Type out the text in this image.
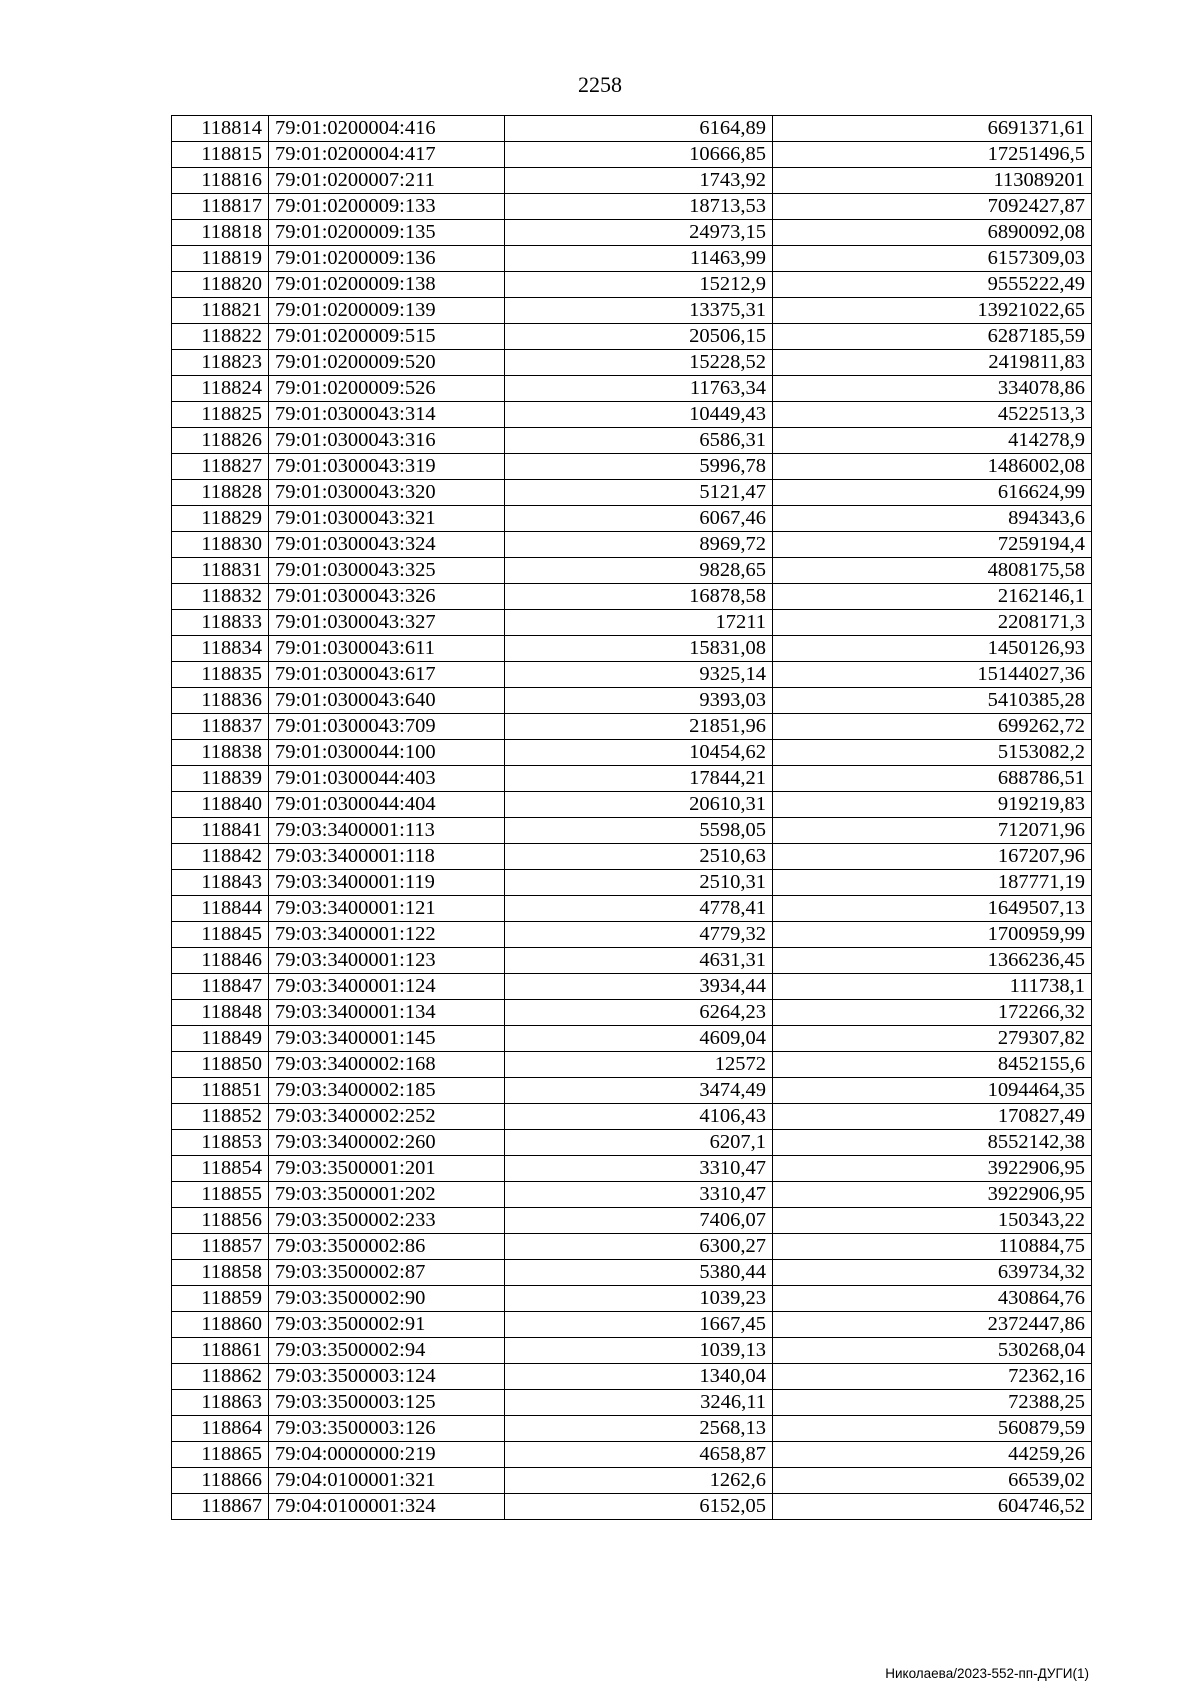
2258
118814	79:01:0200004:416	6164,89	6691371,61
118815	79:01:0200004:417	10666,85	17251496,5
118816	79:01:0200007:211	1743,92	113089201
118817	79:01:0200009:133	18713,53	7092427,87
118818	79:01:0200009:135	24973,15	6890092,08
118819	79:01:0200009:136	11463,99	6157309,03
118820	79:01:0200009:138	15212,9	9555222,49
118821	79:01:0200009:139	13375,31	13921022,65
118822	79:01:0200009:515	20506,15	6287185,59
118823	79:01:0200009:520	15228,52	2419811,83
118824	79:01:0200009:526	11763,34	334078,86
118825	79:01:0300043:314	10449,43	4522513,3
118826	79:01:0300043:316	6586,31	414278,9
118827	79:01:0300043:319	5996,78	1486002,08
118828	79:01:0300043:320	5121,47	616624,99
118829	79:01:0300043:321	6067,46	894343,6
118830	79:01:0300043:324	8969,72	7259194,4
118831	79:01:0300043:325	9828,65	4808175,58
118832	79:01:0300043:326	16878,58	2162146,1
118833	79:01:0300043:327	17211	2208171,3
118834	79:01:0300043:611	15831,08	1450126,93
118835	79:01:0300043:617	9325,14	15144027,36
118836	79:01:0300043:640	9393,03	5410385,28
118837	79:01:0300043:709	21851,96	699262,72
118838	79:01:0300044:100	10454,62	5153082,2
118839	79:01:0300044:403	17844,21	688786,51
118840	79:01:0300044:404	20610,31	919219,83
118841	79:03:3400001:113	5598,05	712071,96
118842	79:03:3400001:118	2510,63	167207,96
118843	79:03:3400001:119	2510,31	187771,19
118844	79:03:3400001:121	4778,41	1649507,13
118845	79:03:3400001:122	4779,32	1700959,99
118846	79:03:3400001:123	4631,31	1366236,45
118847	79:03:3400001:124	3934,44	111738,1
118848	79:03:3400001:134	6264,23	172266,32
118849	79:03:3400001:145	4609,04	279307,82
118850	79:03:3400002:168	12572	8452155,6
118851	79:03:3400002:185	3474,49	1094464,35
118852	79:03:3400002:252	4106,43	170827,49
118853	79:03:3400002:260	6207,1	8552142,38
118854	79:03:3500001:201	3310,47	3922906,95
118855	79:03:3500001:202	3310,47	3922906,95
118856	79:03:3500002:233	7406,07	150343,22
118857	79:03:3500002:86	6300,27	110884,75
118858	79:03:3500002:87	5380,44	639734,32
118859	79:03:3500002:90	1039,23	430864,76
118860	79:03:3500002:91	1667,45	2372447,86
118861	79:03:3500002:94	1039,13	530268,04
118862	79:03:3500003:124	1340,04	72362,16
118863	79:03:3500003:125	3246,11	72388,25
118864	79:03:3500003:126	2568,13	560879,59
118865	79:04:0000000:219	4658,87	44259,26
118866	79:04:0100001:321	1262,6	66539,02
118867	79:04:0100001:324	6152,05	604746,52
Николаева/2023-552-пп-ДУГИ(1)
